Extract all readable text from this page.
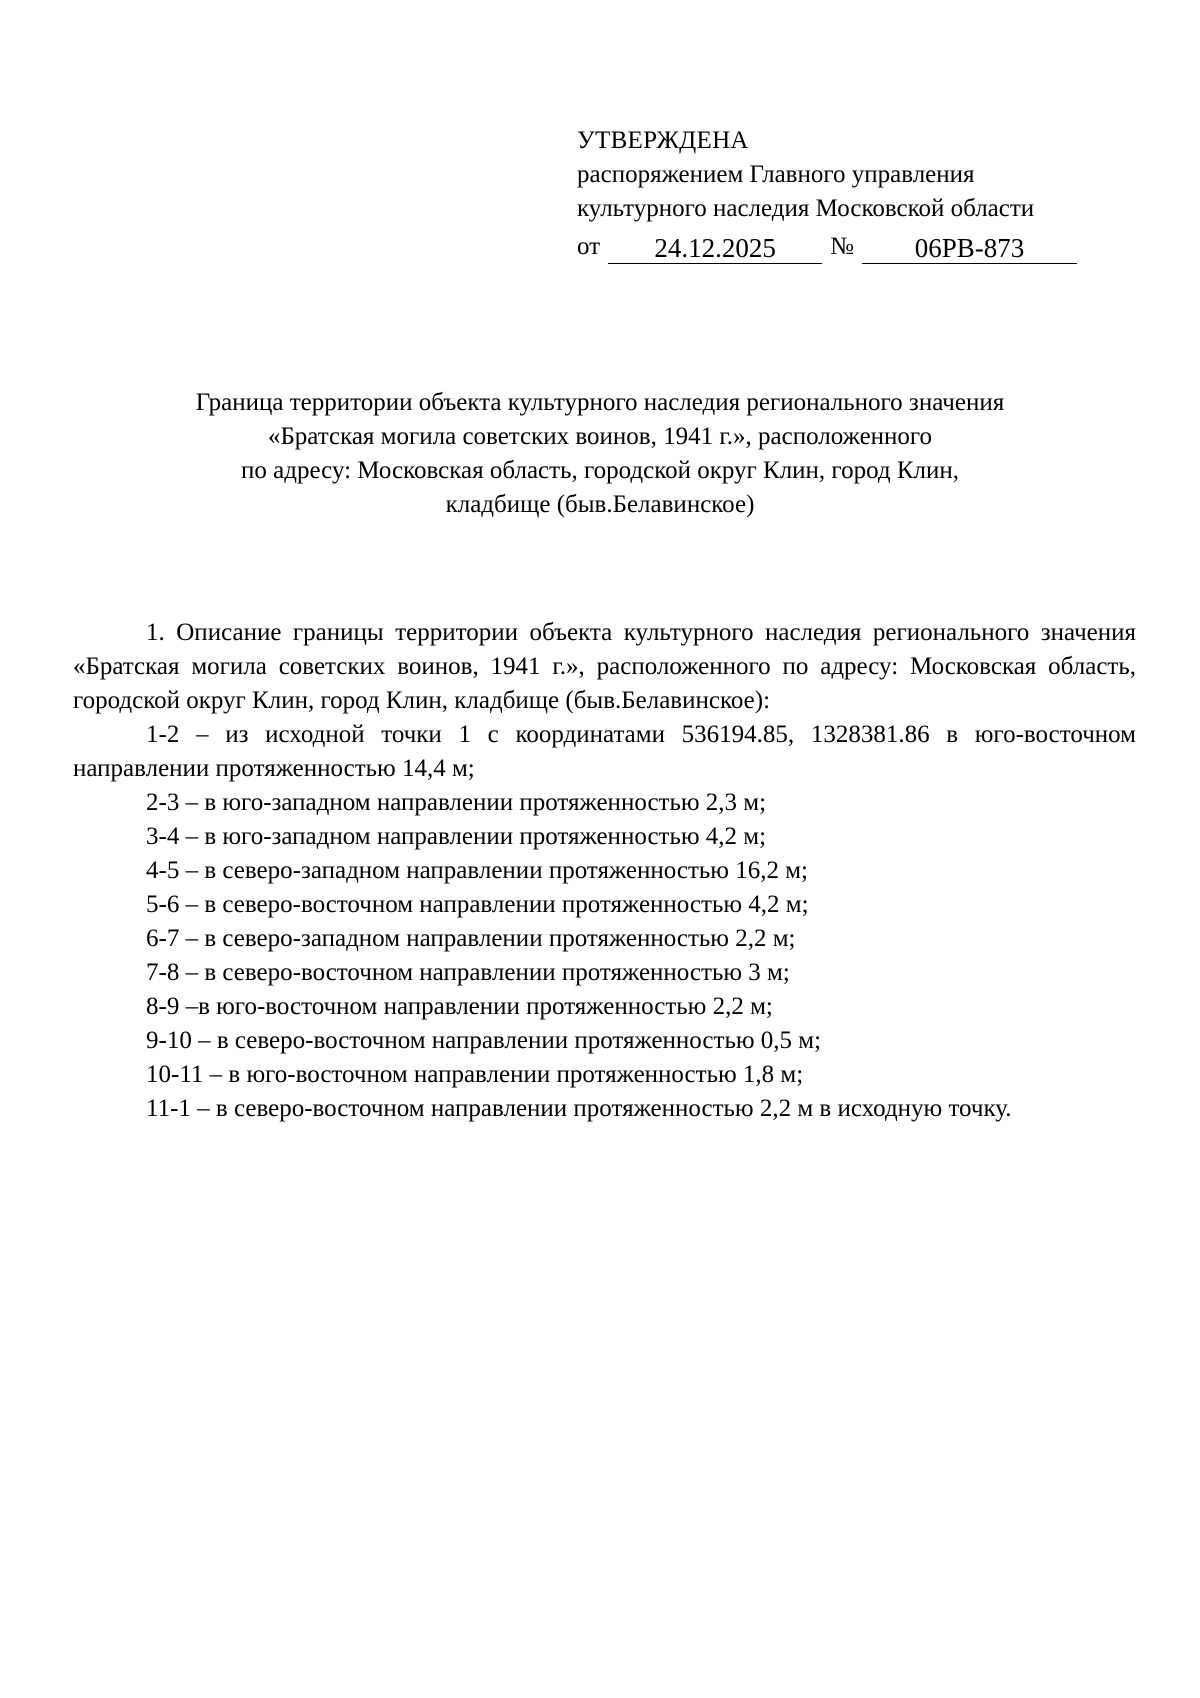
УТВЕРЖДЕНА
распоряжением Главного управления
культурного наследия Московской области
от	24.12.2025	№	06РВ-873
Граница территории объекта культурного наследия регионального значения
«Братская могила советских воинов, 1941 г.», расположенного
по адресу: Московская область, городской округ Клин, город Клин,
кладбище (быв.Белавинское)

1. Описание границы территории объекта культурного наследия регионального значения «Братская могила советских воинов, 1941 г.», расположенного по адресу: Московская область, городской округ Клин, город Клин, кладбище (быв.Белавинское):

1-2 – из исходной точки 1 с координатами 536194.85, 1328381.86 в юго-восточном направлении протяженностью 14,4 м;

2-3 – в юго-западном направлении протяженностью 2,3 м;

3-4 – в юго-западном направлении протяженностью 4,2 м;

4-5 – в северо-западном направлении протяженностью 16,2 м;

5-6 – в северо-восточном направлении протяженностью 4,2 м;

6-7 – в северо-западном направлении протяженностью 2,2 м;

7-8 – в северо-восточном направлении протяженностью 3 м;

8-9 –в юго-восточном направлении протяженностью 2,2 м;

9-10 – в северо-восточном направлении протяженностью 0,5 м;

10-11 – в юго-восточном направлении протяженностью 1,8 м;

11-1 – в северо-восточном направлении протяженностью 2,2 м в исходную точку.
